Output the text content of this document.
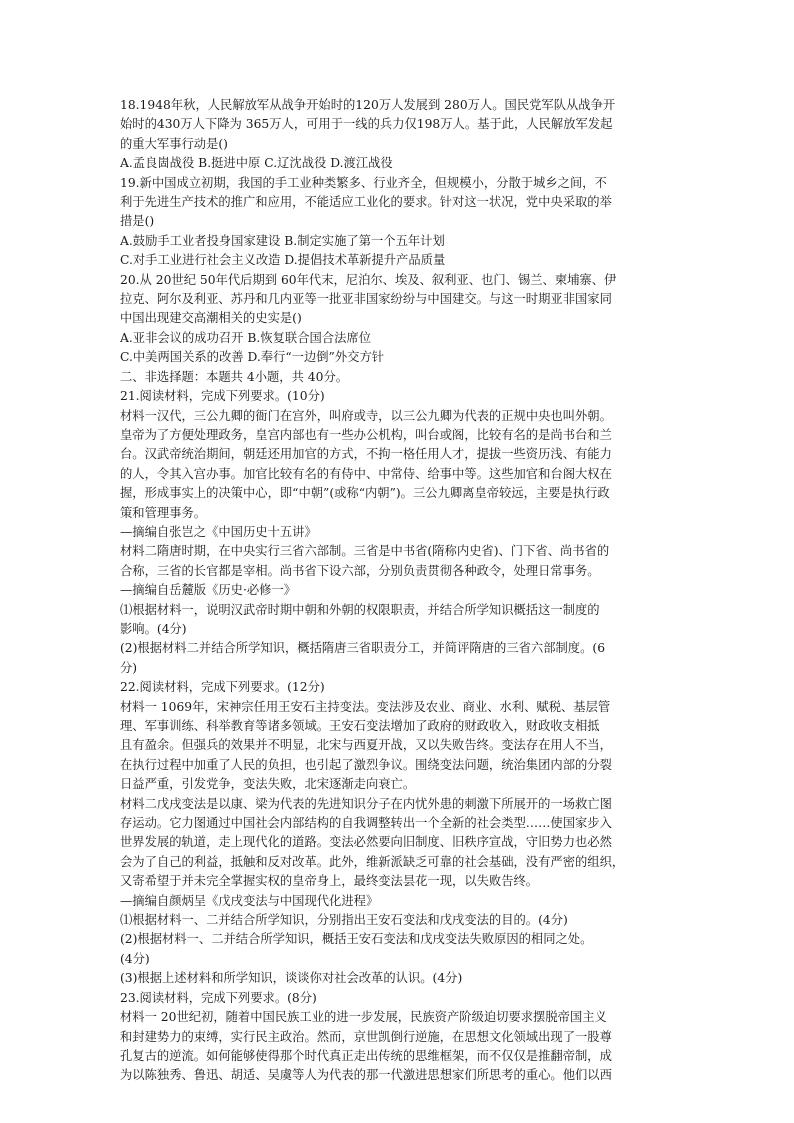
18.1948年秋，人民解放军从战争开始时的120万人发展到 280万人。国民党军队从战争开
始时的430万人下降为 365万人，可用于一线的兵力仅198万人。基于此，人民解放军发起
的重大军事行动是()
A.孟良崮战役 B.挺进中原 C.辽沈战役 D.渡江战役
19.新中国成立初期，我国的手工业种类繁多、行业齐全，但规模小，分散于城乡之间，不
利于先进生产技术的推广和应用，不能适应工业化的要求。针对这一状况，党中央采取的举
措是()
A.鼓励手工业者投身国家建设 B.制定实施了第一个五年计划
C.对手工业进行社会主义改造 D.提倡技术革新提升产品质量
20.从 20世纪 50年代后期到 60年代末，尼泊尔、埃及、叙利亚、也门、锡兰、柬埔寨、伊
拉克、阿尔及利亚、苏丹和几内亚等一批亚非国家纷纷与中国建交。与这一时期亚非国家同
中国出现建交高潮相关的史实是()
A.亚非会议的成功召开 B.恢复联合国合法席位
C.中美两国关系的改善 D.奉行“一边倒”外交方针
二、非选择题：本题共 4小题，共 40分。
21.阅读材料，完成下列要求。(10分)
材料一汉代，三公九卿的衙门在宫外，叫府或寺，以三公九卿为代表的正规中央也叫外朝。
皇帝为了方便处理政务，皇宫内部也有一些办公机构，叫台或阁，比较有名的是尚书台和兰
台。汉武帝统治期间，朝廷还用加官的方式，不拘一格任用人才，提拔一些资历浅、有能力
的人，令其入宫办事。加官比较有名的有侍中、中常侍、给事中等。这些加官和台阁大权在
握，形成事实上的决策中心，即“中朝”(或称“内朝”)。三公九卿离皇帝较远，主要是执行政
策和管理事务。
—摘编自张岂之《中国历史十五讲》
材料二隋唐时期，在中央实行三省六部制。三省是中书省(隋称内史省)、门下省、尚书省的
合称，三省的长官都是宰相。尚书省下设六部，分别负责贯彻各种政令，处理日常事务。
—摘编自岳麓版《历史·必修一》
⑴根据材料一，说明汉武帝时期中朝和外朝的权限职责，并结合所学知识概括这一制度的
影响。(4分)
(2)根据材料二并结合所学知识，概括隋唐三省职责分工，并简评隋唐的三省六部制度。(6
分)
22.阅读材料，完成下列要求。(12分)
材料一 1069年，宋神宗任用王安石主持变法。变法涉及农业、商业、水利、赋税、基层管
理、军事训练、科举教育等诸多领域。王安石变法增加了政府的财政收入，财政收支相抵
且有盈余。但强兵的效果并不明显，北宋与西夏开战，又以失败告终。变法存在用人不当，
在执行过程中加重了人民的负担，也引起了激烈争议。围绕变法问题，统治集团内部的分裂
日益严重，引发党争，变法失败，北宋逐渐走向衰亡。
材料二戊戌变法是以康、梁为代表的先进知识分子在内忧外患的刺激下所展开的一场救亡图
存运动。它力图通过中国社会内部结构的自我调整转出一个全新的社会类型……使国家步入
世界发展的轨道，走上现代化的道路。变法必然要向旧制度、旧秩序宣战，守旧势力也必然
会为了自己的利益，抵触和反对改革。此外，维新派缺乏可靠的社会基础，没有严密的组织，
又寄希望于并未完全掌握实权的皇帝身上，最终变法昙花一现，以失败告终。
—摘编自颜炳呈《戊戌变法与中国现代化进程》
⑴根据材料一、二并结合所学知识，分别指出王安石变法和戊戌变法的目的。(4分)
(2)根据材料一、二并结合所学知识，概括王安石变法和戊戌变法失败原因的相同之处。
(4分)
(3)根据上述材料和所学知识，谈谈你对社会改革的认识。(4分)
23.阅读材料，完成下列要求。(8分)
材料一 20世纪初，随着中国民族工业的进一步发展，民族资产阶级迫切要求摆脱帝国主义
和封建势力的束缚，实行民主政治。然而，京世凯倒行逆施，在思想文化领域出现了一股尊
孔复古的逆流。如何能够使得那个时代真正走出传统的思维框架，而不仅仅是推翻帝制，成
为以陈独秀、鲁迅、胡适、吴虞等人为代表的那一代激进思想家们所思考的重心。他们以西
